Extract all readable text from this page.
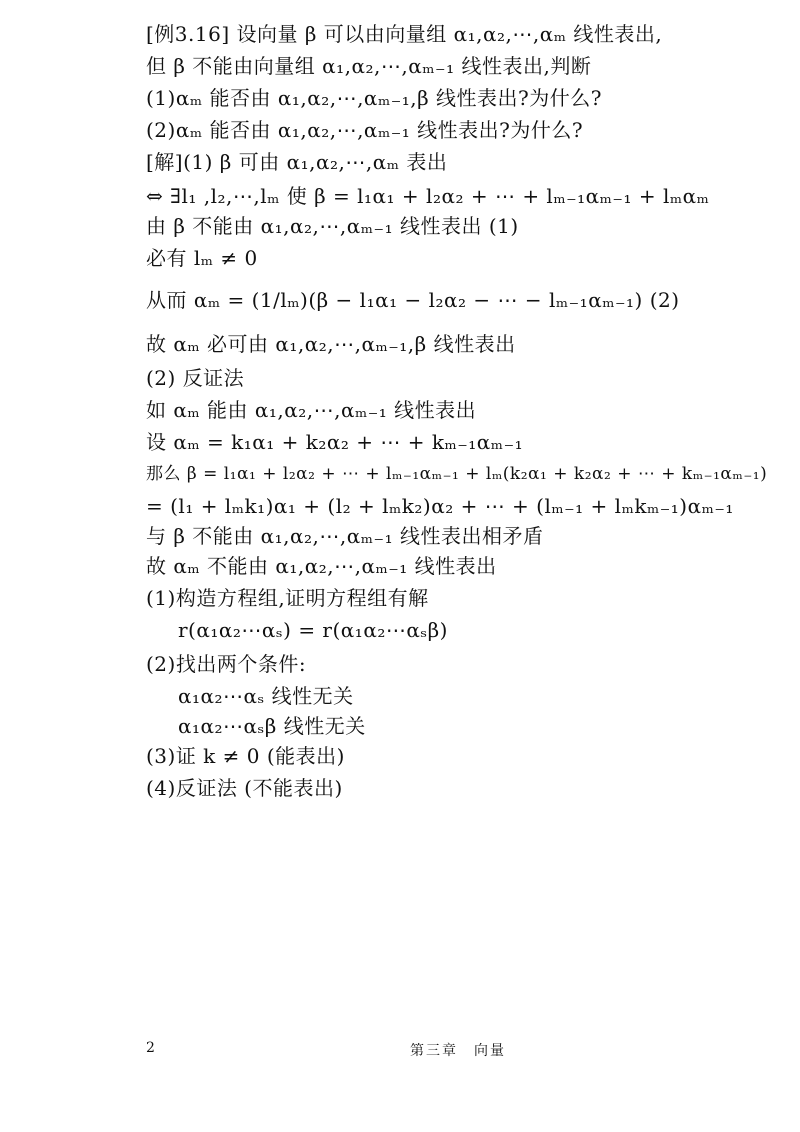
[例3.16] 设向量 β 可以由向量组 α₁,α₂,⋯,αₘ 线性表出,
但 β 不能由向量组 α₁,α₂,⋯,αₘ₋₁ 线性表出,判断
(1)αₘ 能否由 α₁,α₂,⋯,αₘ₋₁,β 线性表出?为什么?
(2)αₘ 能否由 α₁,α₂,⋯,αₘ₋₁ 线性表出?为什么?
[解](1) β 可由 α₁,α₂,⋯,αₘ 表出
⇔ ∃l₁ ,l₂,⋯,lₘ 使 β = l₁α₁ + l₂α₂ + ⋯ + lₘ₋₁αₘ₋₁ + lₘαₘ
由 β 不能由 α₁,α₂,⋯,αₘ₋₁ 线性表出 (1)
必有 lₘ ≠ 0
从而 αₘ = (1/lₘ)(β − l₁α₁ − l₂α₂ − ⋯ − lₘ₋₁αₘ₋₁) (2)
故 αₘ 必可由 α₁,α₂,⋯,αₘ₋₁,β 线性表出
(2) 反证法
如 αₘ 能由 α₁,α₂,⋯,αₘ₋₁ 线性表出
设 αₘ = k₁α₁ + k₂α₂ + ⋯ + kₘ₋₁αₘ₋₁
那么 β = l₁α₁ + l₂α₂ + ⋯ + lₘ₋₁αₘ₋₁ + lₘ(k₂α₁ + k₂α₂ + ⋯ + kₘ₋₁αₘ₋₁)
= (l₁ + lₘk₁)α₁ + (l₂ + lₘk₂)α₂ + ⋯ + (lₘ₋₁ + lₘkₘ₋₁)αₘ₋₁
与 β 不能由 α₁,α₂,⋯,αₘ₋₁ 线性表出相矛盾
故 αₘ 不能由 α₁,α₂,⋯,αₘ₋₁ 线性表出
(1)构造方程组,证明方程组有解
r(α₁α₂⋯αₛ) = r(α₁α₂⋯αₛβ)
(2)找出两个条件:
α₁α₂⋯αₛ 线性无关
α₁α₂⋯αₛβ 线性无关
(3)证 k ≠ 0 (能表出)
(4)反证法 (不能表出)
2	第三章　向量
